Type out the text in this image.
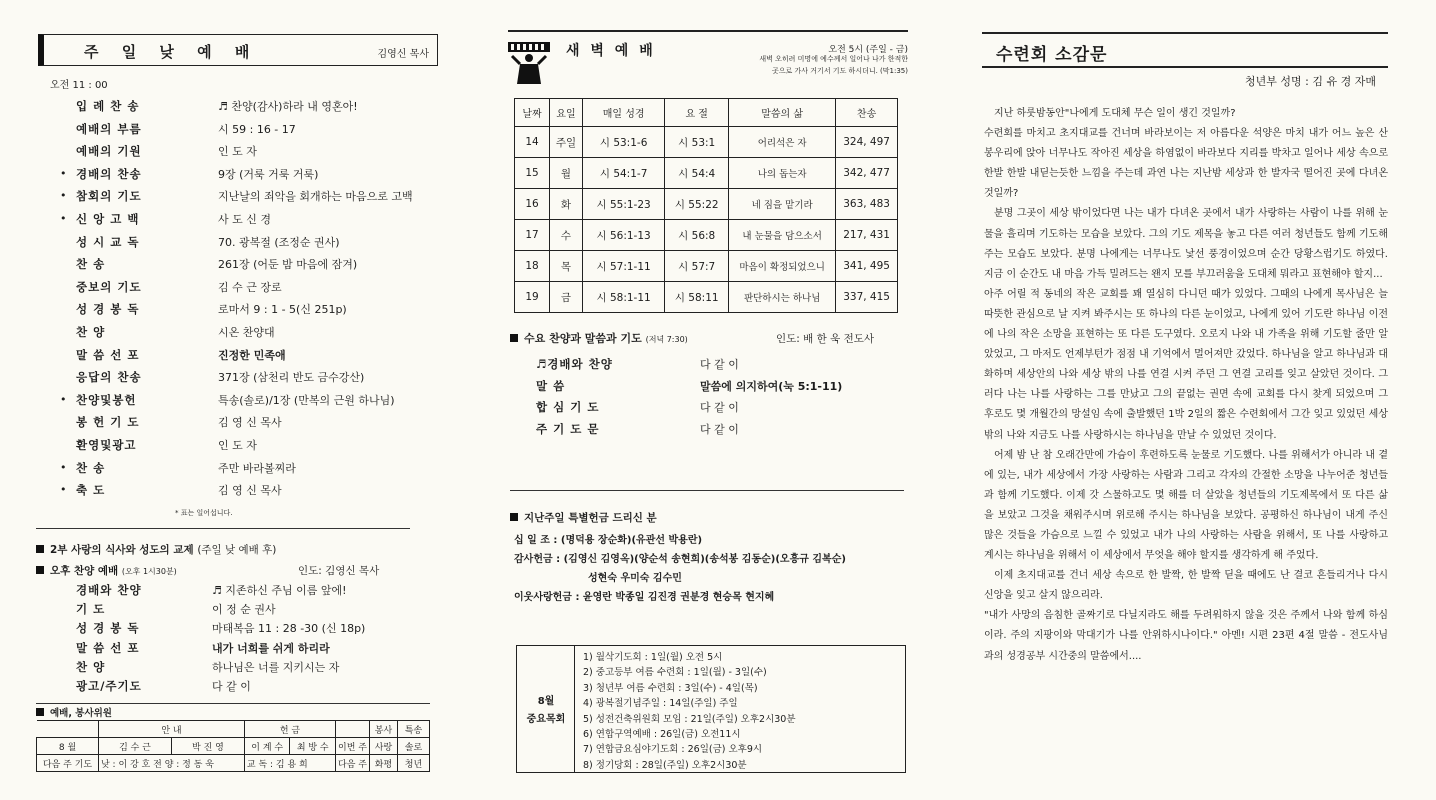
주 일 낮 예 배	김영신 목사
오전 11 : 00
입 례 찬 송	♬ 찬양(감사)하라 내 영혼아!
예배의 부름	시 59 : 16 - 17
예배의 기원	인 도 자
• 경배의 찬송	9장 (거룩 거룩 거룩)
• 참회의 기도	지난날의 죄악을 회개하는 마음으로 고백
• 신 앙 고 백	사 도 신 경
성 시 교 독	70. 광복절 (조정순 권사)
찬 송	261장 (어둔 밤 마음에 잠겨)
중보의 기도	김 수 근 장로
성 경 봉 독	로마서 9 : 1 - 5(신 251p)
찬 양	시온 찬양대
말 씀 선 포	진정한 민족애
응답의 찬송	371장 (삼천리 반도 금수강산)
• 찬양및봉헌	특송(솔로)/1장 (만복의 근원 하나님)
봉 헌 기 도	김 영 신 목사
환영및광고	인 도 자
• 찬 송	주만 바라볼찌라
• 축 도	김 영 신 목사
* 표는 일어섭니다.
2부 사랑의 식사와 성도의 교제 (주일 낮 예배 후)
오후 찬양 예배 (오후 1시30분)	인도: 김영신 목사
경배와 찬양	♬ 지존하신 주님 이름 앞에!
기 도	이 정 순 권사
성 경 봉 독	마태복음 11 : 28 -30 (신 18p)
말 씀 선 포	내가 너희를 쉬게 하리라
찬 양	하나님은 너를 지키시는 자
광고/주기도	다 같 이
예배, 봉사위원
	안 내		헌 금			봉사	특송
8 월	김 수 근	박 진 영	이 계 수	최 방 수	이번 주	사랑	솔로
다음 주 기도	낮 : 이 강 호 전 양 : 정 동 욱		교 독 : 김 용 희		다음 주	화평	청년
새 벽 예 배	오전 5시 (주일 - 금)
새벽 오히려 미명에 예수께서 일어나 나가 한적한
곳으로 가사 거기서 기도 하시더니. (막1:35)
날짜	요일	매일 성경	요 절	말씀의 삶	찬송
14	주일	시 53:1-6	시 53:1	어리석은 자	324, 497
15	월	시 54:1-7	시 54:4	나의 돕는자	342, 477
16	화	시 55:1-23	시 55:22	네 짐을 맡기라	363, 483
17	수	시 56:1-13	시 56:8	내 눈물을 담으소서	217, 431
18	목	시 57:1-11	시 57:7	마음이 확정되었으니	341, 495
19	금	시 58:1-11	시 58:11	판단하시는 하나님	337, 415
수요 찬양과 말씀과 기도 (저녁 7:30)	인도: 배 한 욱 전도사
♬경배와 찬양	다 같 이
말 씀	말씀에 의지하여(눅 5:1-11)
합 심 기 도	다 같 이
주 기 도 문	다 같 이
지난주일 특별헌금 드리신 분
십 일 조 : (명덕용 장순화)(유관선 박용란)
감사헌금 : (김영신 김영옥)(양순석 송현희)(송석봉 김동순)(오흥규 김복순)
성현숙 우미숙 김수민
이웃사랑헌금 : 윤영란 박종일 김진경 권분경 현승목 현지혜
8월
중요목회
1) 월삭기도회 : 1일(월) 오전 5시
2) 중고등부 여름 수련회 : 1일(월) - 3일(수)
3) 청년부 여름 수련회 : 3일(수) - 4일(목)
4) 광복절기념주일 : 14일(주일) 주일
5) 성전건축위원회 모임 : 21일(주일) 오후2시30분
6) 연합구역예배 : 26일(금) 오전11시
7) 연합금요심야기도회 : 26일(금) 오후9시
8) 정기당회 : 28일(주일) 오후2시30분
수련회 소감문
청년부 성명 : 김 유 경 자매

지난 하룻밤동안"나에게 도대체 무슨 일이 생긴 것일까?

수련회를 마치고 초지대교를 건너며 바라보이는 저 아름다운 석양은 마치 내가 어느 높은 산봉우리에 앉아 너무나도 작아진 세상을 하염없이 바라보다 지리를 박차고 일어나 세상 속으로 한발 한발 내딛는듯한 느낌을 주는데 과연 나는 지난밤 세상과 한 발자국 떨어진 곳에 다녀온 것일까?

분명 그곳이 세상 밖이었다면 나는 내가 다녀온 곳에서 내가 사랑하는 사람이 나를 위해 눈물을 흘리며 기도하는 모습을 보았다. 그의 기도 제목을 놓고 다른 여러 청년들도 함께 기도해 주는 모습도 보았다. 분명 나에게는 너무나도 낯선 풍경이었으며 순간 당황스럽기도 하였다. 지금 이 순간도 내 마음 가득 밀려드는 왠지 모를 부끄러움을 도대체 뭐라고 표현해야 할지...

아주 어릴 적 동네의 작은 교회를 꽤 열심히 다니던 때가 있었다. 그때의 나에게 목사님은 늘 따뜻한 관심으로 날 지켜 봐주시는 또 하나의 다른 눈이었고, 나에게 있어 기도란 하나님 이전에 나의 작은 소망을 표현하는 또 다른 도구였다. 오로지 나와 내 가족을 위해 기도할 줄만 알았었고, 그 마저도 언제부턴가 점점 내 기억에서 멀어져만 갔었다. 하나님을 알고 하나님과 대화하며 세상안의 나와 세상 밖의 나를 연결 시켜 주던 그 연결 고리를 잊고 살았던 것이다. 그러다 나는 나를 사랑하는 그를 만났고 그의 끝없는 권면 속에 교회를 다시 찾게 되었으며 그 후로도 몇 개월간의 망설임 속에 출발했던 1박 2일의 짧은 수련회에서 그간 잊고 있었던 세상 밖의 나와 지금도 나를 사랑하시는 하나님을 만날 수 있었던 것이다.

어제 밤 난 참 오래간만에 가슴이 후련하도록 눈물로 기도했다. 나를 위해서가 아니라 내 곁에 있는, 내가 세상에서 가장 사랑하는 사람과 그리고 각자의 간절한 소망을 나누어준 청년들과 함께 기도했다. 이제 갓 스물하고도 몇 해를 더 살았을 청년들의 기도제목에서 또 다른 삶을 보았고 그것을 채워주시며 위로해 주시는 하나님을 보았다. 공평하신 하나님이 내게 주신 많은 것들을 가슴으로 느낄 수 있었고 내가 나의 사랑하는 사람을 위해서, 또 나를 사랑하고 계시는 하나님을 위해서 이 세상에서 무엇을 해야 할지를 생각하게 해 주었다.

이제 초지대교를 건너 세상 속으로 한 발짝, 한 발짝 딛을 때에도 난 결코 흔들리거나 다시 신앙을 잊고 살지 않으리라.

"내가 사망의 음침한 골짜기로 다닐지라도 해를 두려워하지 않을 것은 주께서 나와 함께 하심이라. 주의 지팡이와 막대기가 나를 안위하시나이다." 아멘! 시편 23편 4절 말씀 - 전도사님과의 성경공부 시간중의 말씀에서....
